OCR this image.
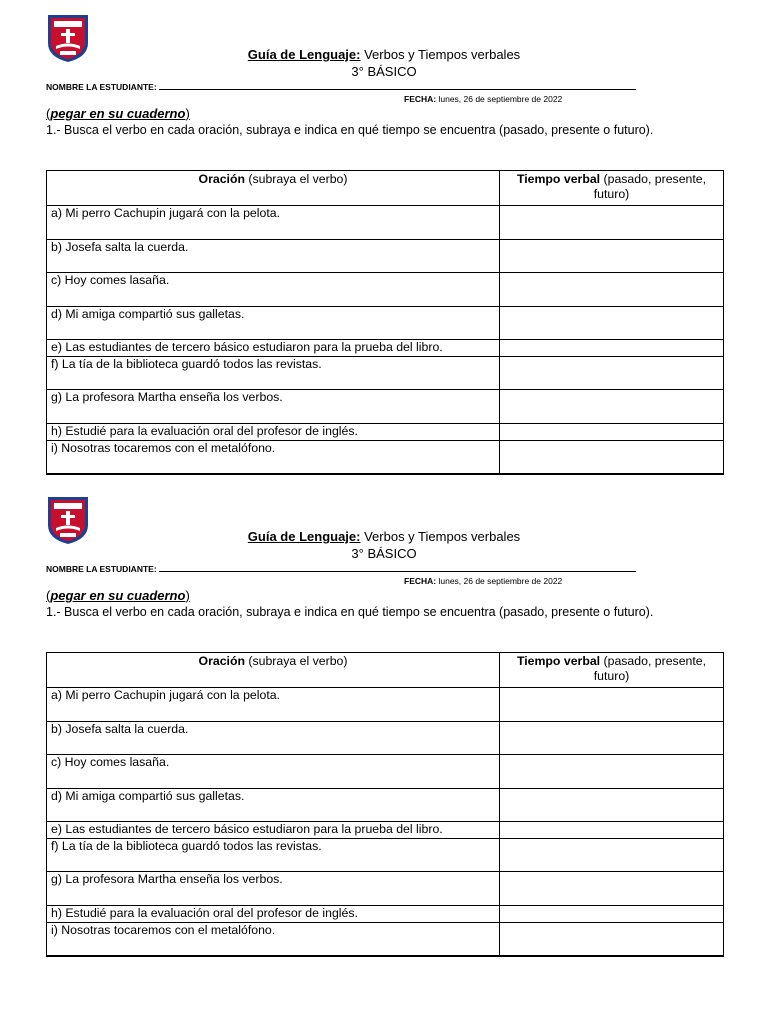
Guía de Lenguaje: Verbos y Tiempos verbales
3° BÁSICO
NOMBRE LA ESTUDIANTE:
FECHA: lunes, 26 de septiembre de 2022
(pegar en su cuaderno)
1.- Busca el verbo en cada oración, subraya e indica en qué tiempo se encuentra (pasado, presente o futuro).
Oración (subraya el verbo)	Tiempo verbal (pasado, presente, futuro)
a) Mi perro Cachupin jugará con la pelota.	
b) Josefa salta la cuerda.	
c) Hoy comes lasaña.	
d) Mi amiga compartió sus galletas.	
e) Las estudiantes de tercero básico estudiaron para la prueba del libro.	
f) La tía de la biblioteca guardó todos las revistas.	
g) La profesora Martha enseña los verbos.	
h) Estudié para la evaluación oral del profesor de inglés.	
i) Nosotras tocaremos con el metalófono.	
Guía de Lenguaje: Verbos y Tiempos verbales
3° BÁSICO
NOMBRE LA ESTUDIANTE:
FECHA: lunes, 26 de septiembre de 2022
(pegar en su cuaderno)
1.- Busca el verbo en cada oración, subraya e indica en qué tiempo se encuentra (pasado, presente o futuro).
Oración (subraya el verbo)	Tiempo verbal (pasado, presente, futuro)
a) Mi perro Cachupin jugará con la pelota.	
b) Josefa salta la cuerda.	
c) Hoy comes lasaña.	
d) Mi amiga compartió sus galletas.	
e) Las estudiantes de tercero básico estudiaron para la prueba del libro.	
f) La tía de la biblioteca guardó todos las revistas.	
g) La profesora Martha enseña los verbos.	
h) Estudié para la evaluación oral del profesor de inglés.	
i) Nosotras tocaremos con el metalófono.	
